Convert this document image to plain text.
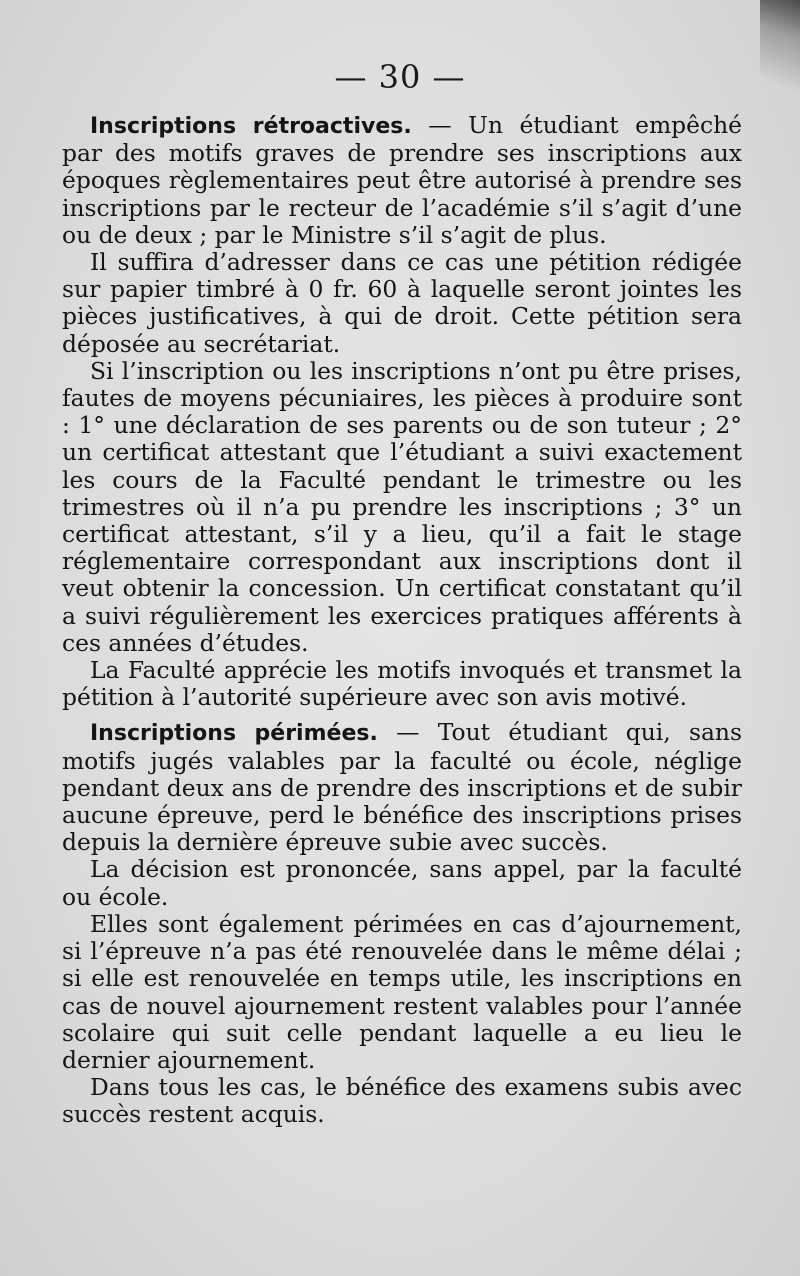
— 30 —

Inscriptions rétroactives. — Un étudiant empêché par des motifs graves de prendre ses inscriptions aux époques règlementaires peut être autorisé à prendre ses inscriptions par le recteur de l’académie s’il s’agit d’une ou de deux ; par le Ministre s’il s’agit de plus.

Il suffira d’adresser dans ce cas une pétition rédigée sur papier timbré à 0 fr. 60 à laquelle seront jointes les pièces justificatives, à qui de droit. Cette pétition sera déposée au secrétariat.

Si l’inscription ou les inscriptions n’ont pu être prises, fautes de moyens pécuniaires, les pièces à produire sont : 1° une déclaration de ses parents ou de son tuteur ; 2° un certificat attestant que l’étudiant a suivi exactement les cours de la Faculté pendant le trimestre ou les trimestres où il n’a pu prendre les inscriptions ; 3° un certificat attestant, s’il y a lieu, qu’il a fait le stage réglementaire correspondant aux inscriptions dont il veut obtenir la concession. Un certificat constatant qu’il a suivi régulièrement les exercices pratiques afférents à ces années d’études.

La Faculté apprécie les motifs invoqués et transmet la pétition à l’autorité supérieure avec son avis motivé.

Inscriptions périmées. — Tout étudiant qui, sans motifs jugés valables par la faculté ou école, néglige pendant deux ans de prendre des inscriptions et de subir aucune épreuve, perd le bénéfice des inscriptions prises depuis la dernière épreuve subie avec succès.

La décision est prononcée, sans appel, par la faculté ou école.

Elles sont également périmées en cas d’ajournement, si l’épreuve n’a pas été renouvelée dans le même délai ; si elle est renouvelée en temps utile, les inscriptions en cas de nouvel ajournement restent valables pour l’année scolaire qui suit celle pendant laquelle a eu lieu le dernier ajournement.

Dans tous les cas, le bénéfice des examens subis avec succès restent acquis.
